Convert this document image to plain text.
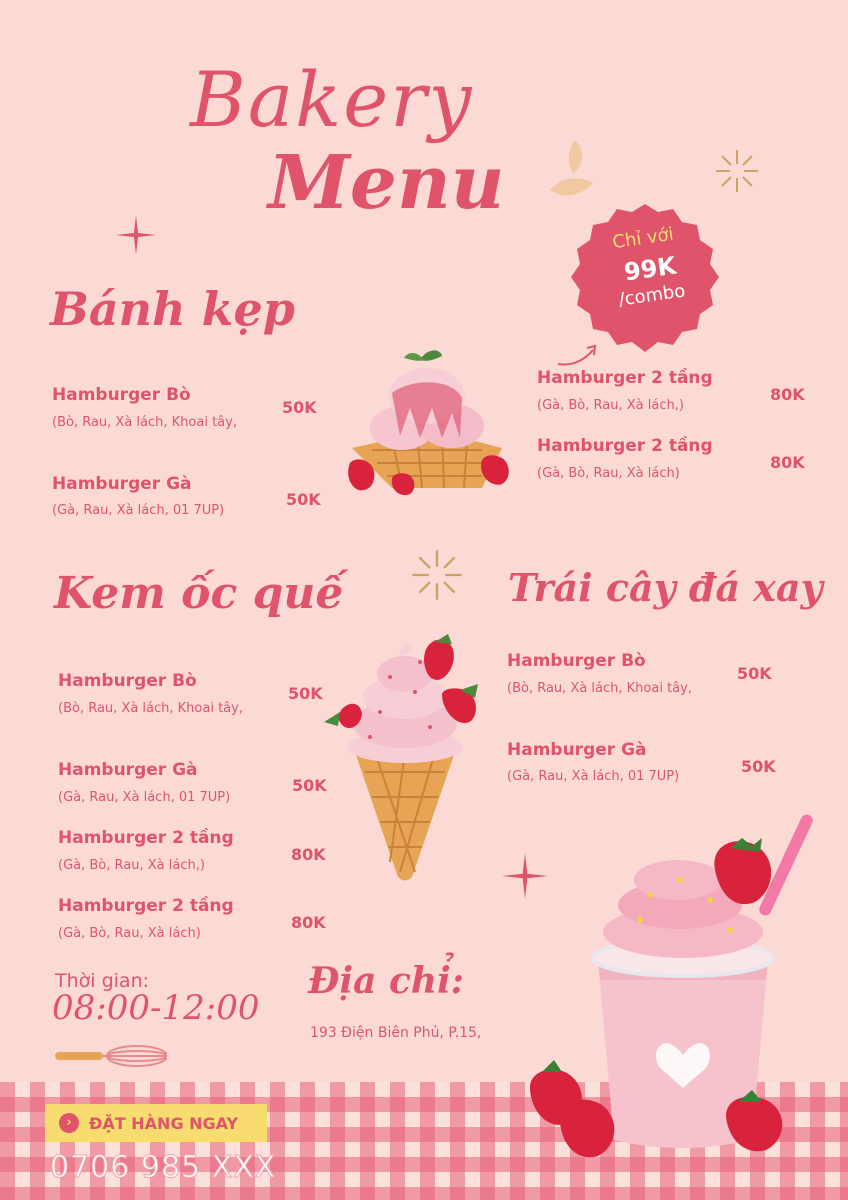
Bakery
Menu
Chỉ với
99K
/combo
Bánh kẹp
Hamburger Bò
(Bò, Rau, Xà lách, Khoai tây,
50K
Hamburger Gà
(Gà, Rau, Xà lách, 01 7UP)
50K
Hamburger 2 tầng
(Gà, Bò, Rau, Xà lách,)
80K
Hamburger 2 tầng
(Gà, Bò, Rau, Xà lách)
80K
Kem ốc quế
Hamburger Bò
(Bò, Rau, Xà lách, Khoai tây,
50K
Hamburger Gà
(Gà, Rau, Xà lách, 01 7UP)
50K
Hamburger 2 tầng
(Gà, Bò, Rau, Xà lách,)
80K
Hamburger 2 tầng
(Gà, Bò, Rau, Xà lách)
80K
Trái cây đá xay
Hamburger Bò
(Bò, Rau, Xà lách, Khoai tây,
50K
Hamburger Gà
(Gà, Rau, Xà lách, 01 7UP)
50K
Thời gian:
08:00-12:00
Địa chỉ:
193 Điện Biên Phủ, P.15,
›	ĐẶT HÀNG NGAY
0706 985 XXX
